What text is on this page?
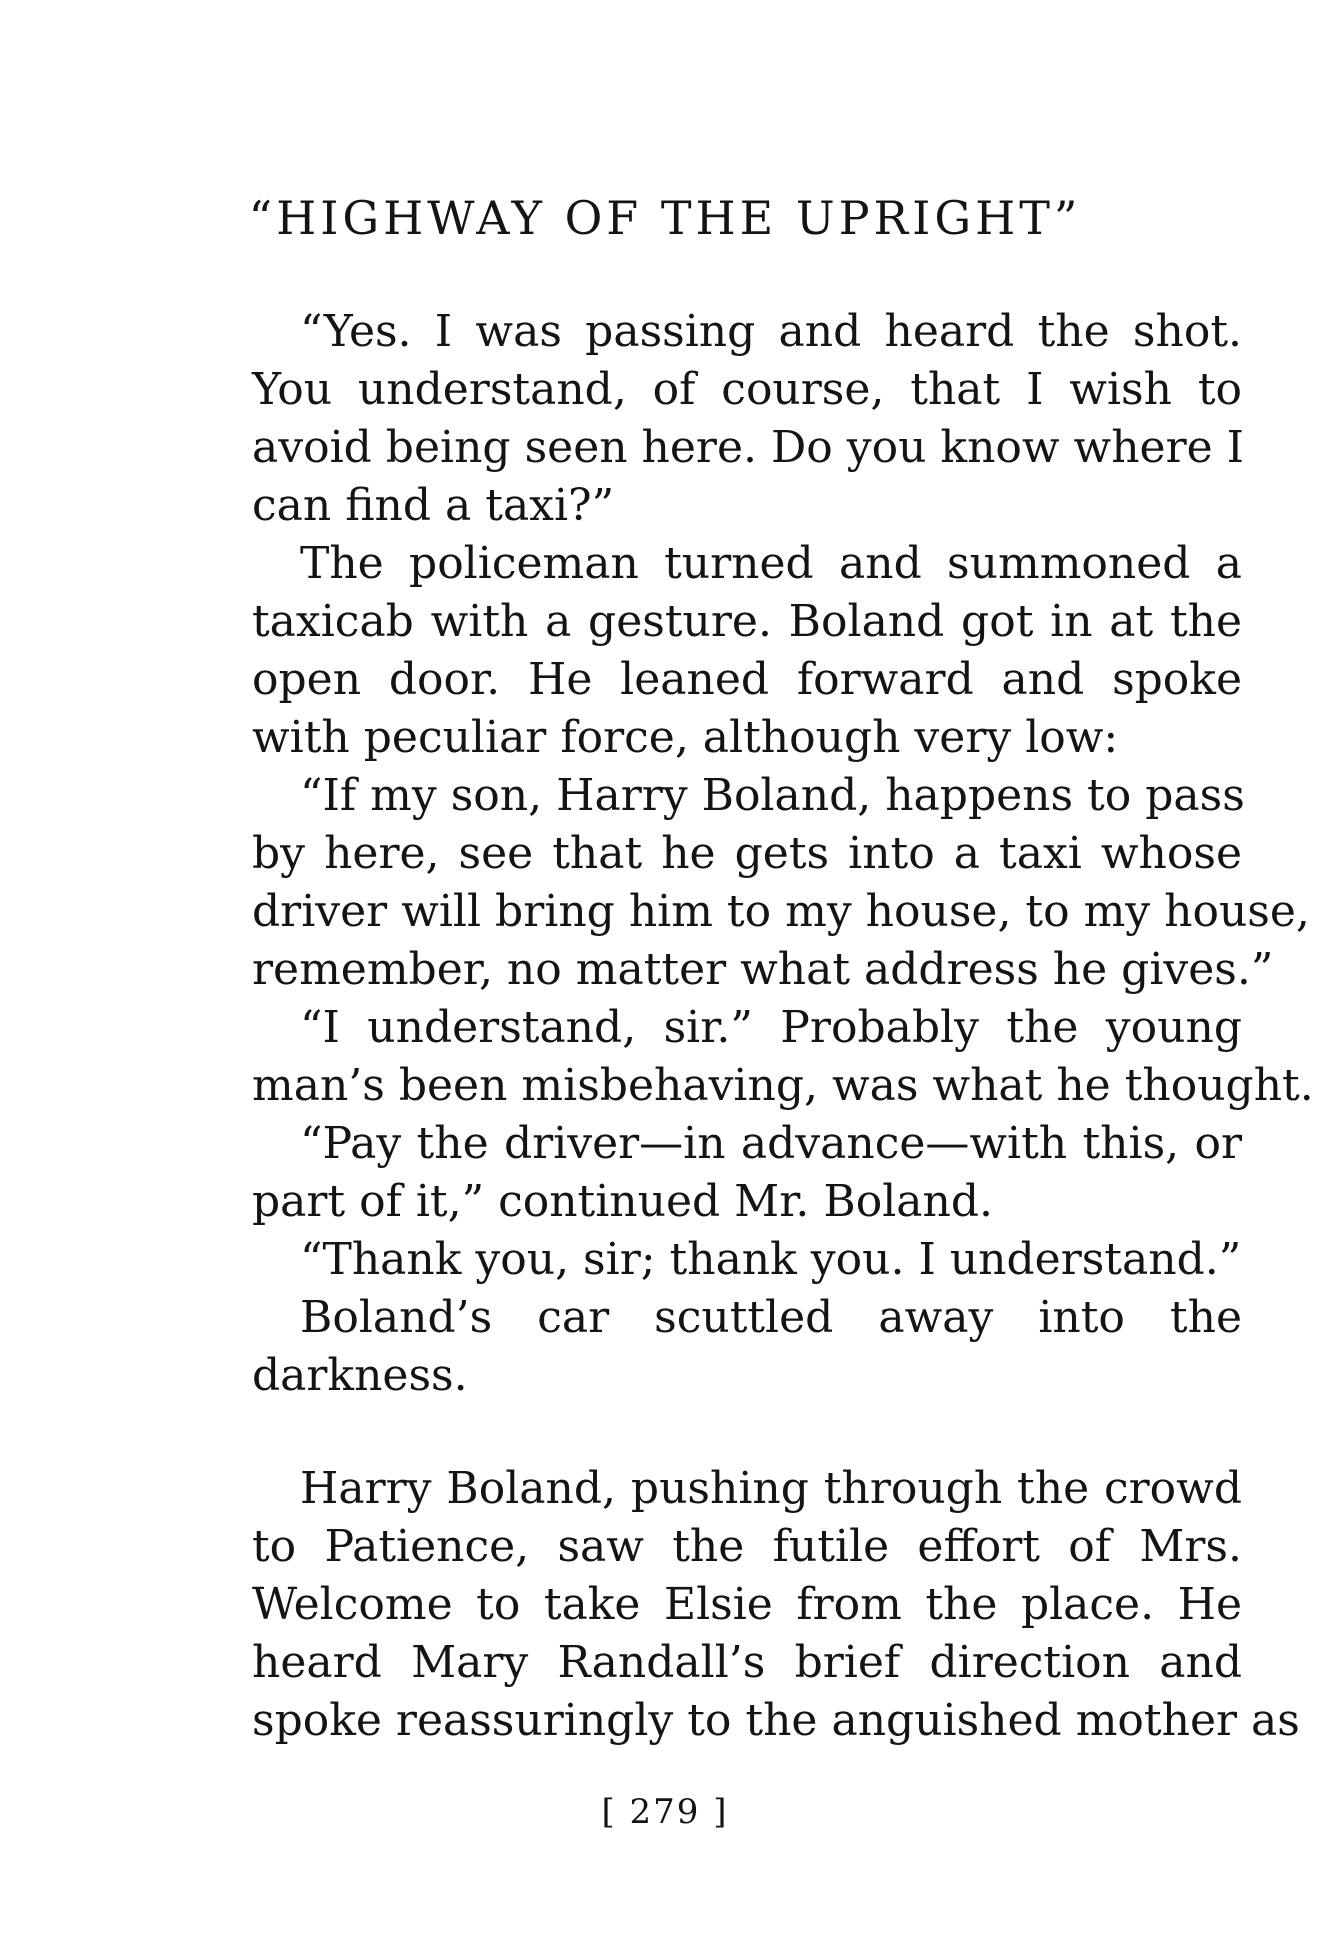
“HIGHWAY OF THE UPRIGHT”
“Yes. I was passing and heard the shot.
You understand, of course, that I wish to
avoid being seen here. Do you know where I
can find a taxi?”
The policeman turned and summoned a
taxicab with a gesture. Boland got in at the
open door. He leaned forward and spoke
with peculiar force, although very low:
“If my son, Harry Boland, happens to pass
by here, see that he gets into a taxi whose
driver will bring him to my house, to my house,
remember, no matter what address he gives.”
“I understand, sir.” Probably the young
man’s been misbehaving, was what he thought.
“Pay the driver—in advance—with this, or
part of it,” continued Mr. Boland.
“Thank you, sir; thank you. I understand.”
Boland’s car scuttled away into the
darkness.
Harry Boland, pushing through the crowd
to Patience, saw the futile effort of Mrs.
Welcome to take Elsie from the place. He
heard Mary Randall’s brief direction and
spoke reassuringly to the anguished mother as
[ 279 ]
